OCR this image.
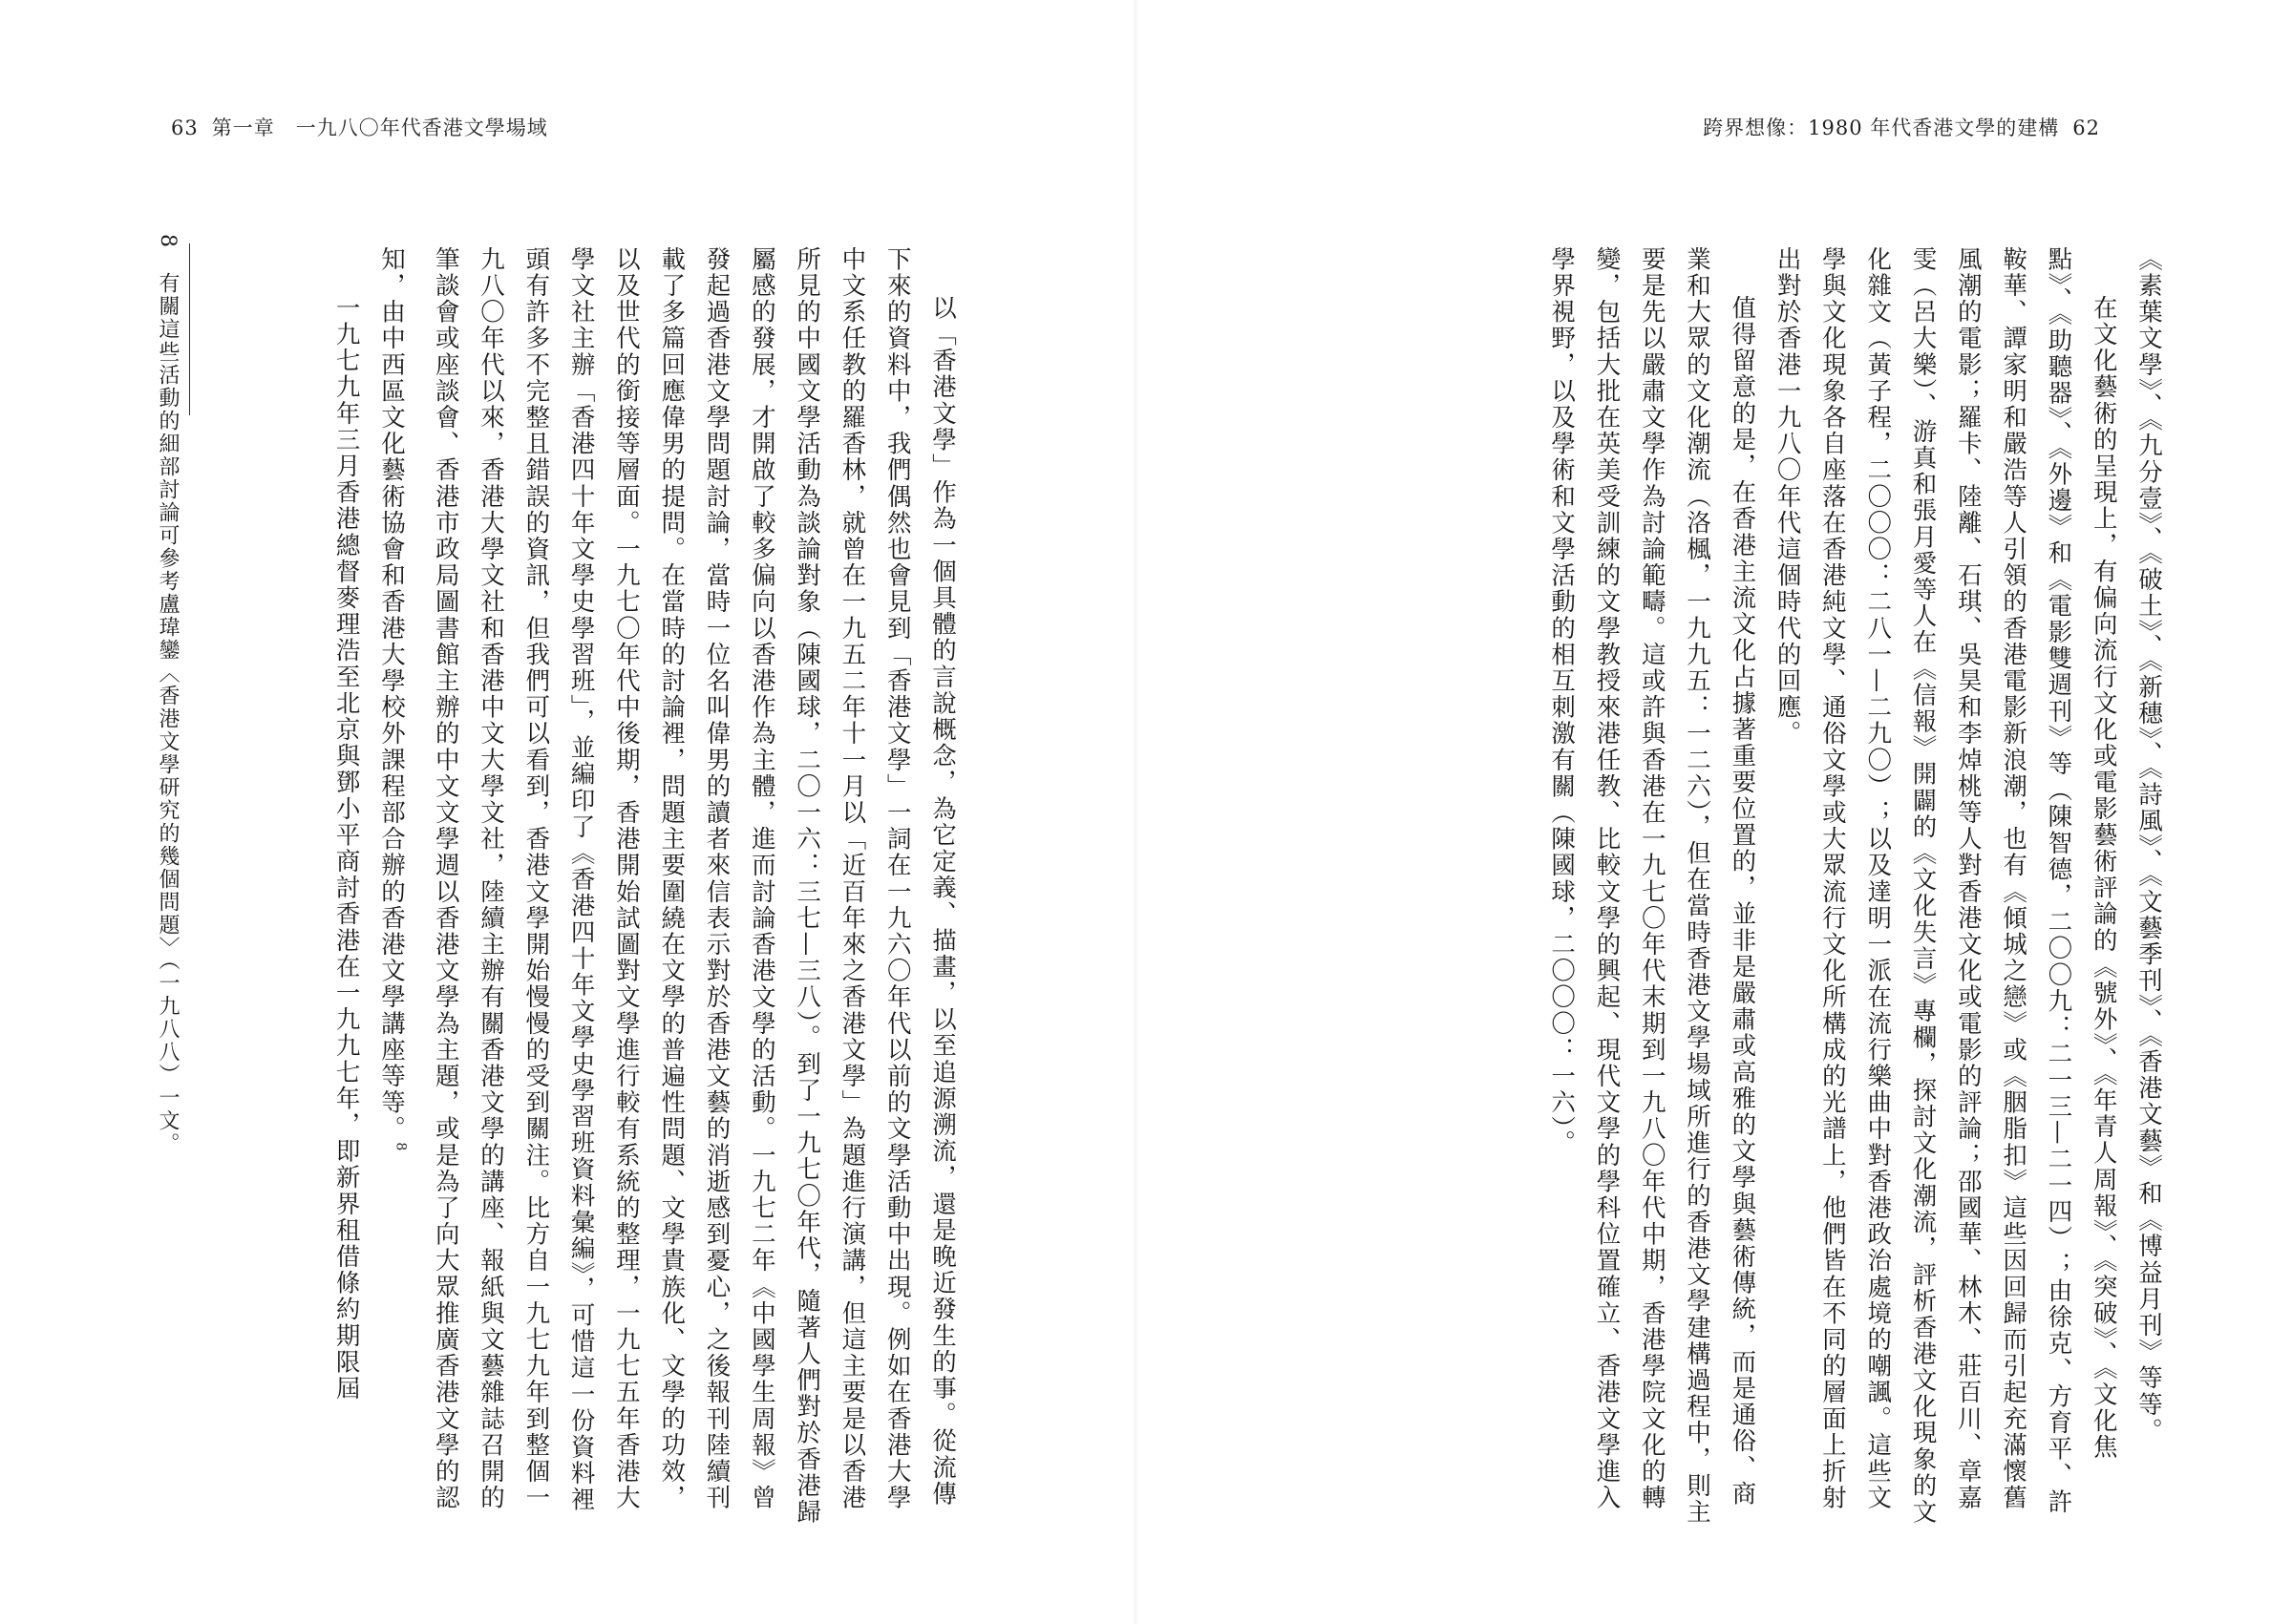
63 第一章　一九八〇年代香港文學場域

以「香港文學」作為一個具體的言說概念，為它定義、描畫，以至追源溯流，還是晚近發生的事。從流傳下來的資料中，我們偶然也會見到「香港文學」一詞在一九六〇年代以前的文學活動中出現。例如在香港大學中文系任教的羅香林，就曾在一九五二年十一月以「近百年來之香港文學」為題進行演講，但這主要是以香港所見的中國文學活動為談論對象（陳國球，二〇一六：三七—三八）。到了一九七〇年代，隨著人們對於香港歸屬感的發展，才開啟了較多偏向以香港作為主體，進而討論香港文學的活動。一九七二年《中國學生周報》曾發起過香港文學問題討論，當時一位名叫偉男的讀者來信表示對於香港文藝的消逝感到憂心，之後報刊陸續刊載了多篇回應偉男的提問。在當時的討論裡，問題主要圍繞在文學的普遍性問題、文學貴族化、文學的功效，以及世代的銜接等層面。一九七〇年代中後期，香港開始試圖對文學進行較有系統的整理，一九七五年香港大學文社主辦「香港四十年文學史學習班」，並編印了《香港四十年文學史學習班資料彙編》，可惜這一份資料裡頭有許多不完整且錯誤的資訊，但我們可以看到，香港文學開始慢慢的受到關注。比方自一九七九年到整個一九八〇年代以來，香港大學文社和香港中文大學文社，陸續主辦有關香港文學的講座、報紙與文藝雜誌召開的筆談會或座談會、香港市政局圖書館主辦的中文文學週以香港文學為主題，或是為了向大眾推廣香港文學的認知，由中西區文化藝術協會和香港大學校外課程部合辦的香港文學講座等等。$^8$

一九七九年三月香港總督麥理浩至北京與鄧小平商討香港在一九九七年，即新界租借條約期限屆

8　有關這些活動的細部討論可參考盧瑋鑾〈香港文學研究的幾個問題〉（一九八八）一文。
跨界想像：1980 年代香港文學的建構 62

《素葉文學》、《九分壹》、《破土》、《新穗》、《詩風》、《文藝季刊》、《香港文藝》和《博益月刊》等等。

在文化藝術的呈現上，有偏向流行文化或電影藝術評論的《號外》、《年青人周報》、《突破》、《文化焦點》、《助聽器》、《外邊》和《電影雙週刊》等（陳智德，二〇〇九：二一三—二一四）；由徐克、方育平、許鞍華、譚家明和嚴浩等人引領的香港電影新浪潮，也有《傾城之戀》或《胭脂扣》這些因回歸而引起充滿懷舊風潮的電影；羅卡、陸離、石琪、吳昊和李焯桃等人對香港文化或電影的評論；邵國華、林木、莊百川、章嘉雯（呂大樂）、游真和張月愛等人在《信報》開闢的《文化失言》專欄，探討文化潮流，評析香港文化現象的文化雜文（黃子程，二〇〇〇：二八一—二九〇）；以及達明一派在流行樂曲中對香港政治處境的嘲諷。這些文學與文化現象各自座落在香港純文學、通俗文學或大眾流行文化所構成的光譜上，他們皆在不同的層面上折射出對於香港一九八〇年代這個時代的回應。

值得留意的是，在香港主流文化占據著重要位置的，並非是嚴肅或高雅的文學與藝術傳統，而是通俗、商業和大眾的文化潮流（洛楓，一九九五：一二六），但在當時香港文學場域所進行的香港文學建構過程中，則主要是先以嚴肅文學作為討論範疇。這或許與香港在一九七〇年代末期到一九八〇年代中期，香港學院文化的轉變，包括大批在英美受訓練的文學教授來港任教、比較文學的興起、現代文學的學科位置確立、香港文學進入學界視野，以及學術和文學活動的相互刺激有關（陳國球，二〇〇〇：一六）。
